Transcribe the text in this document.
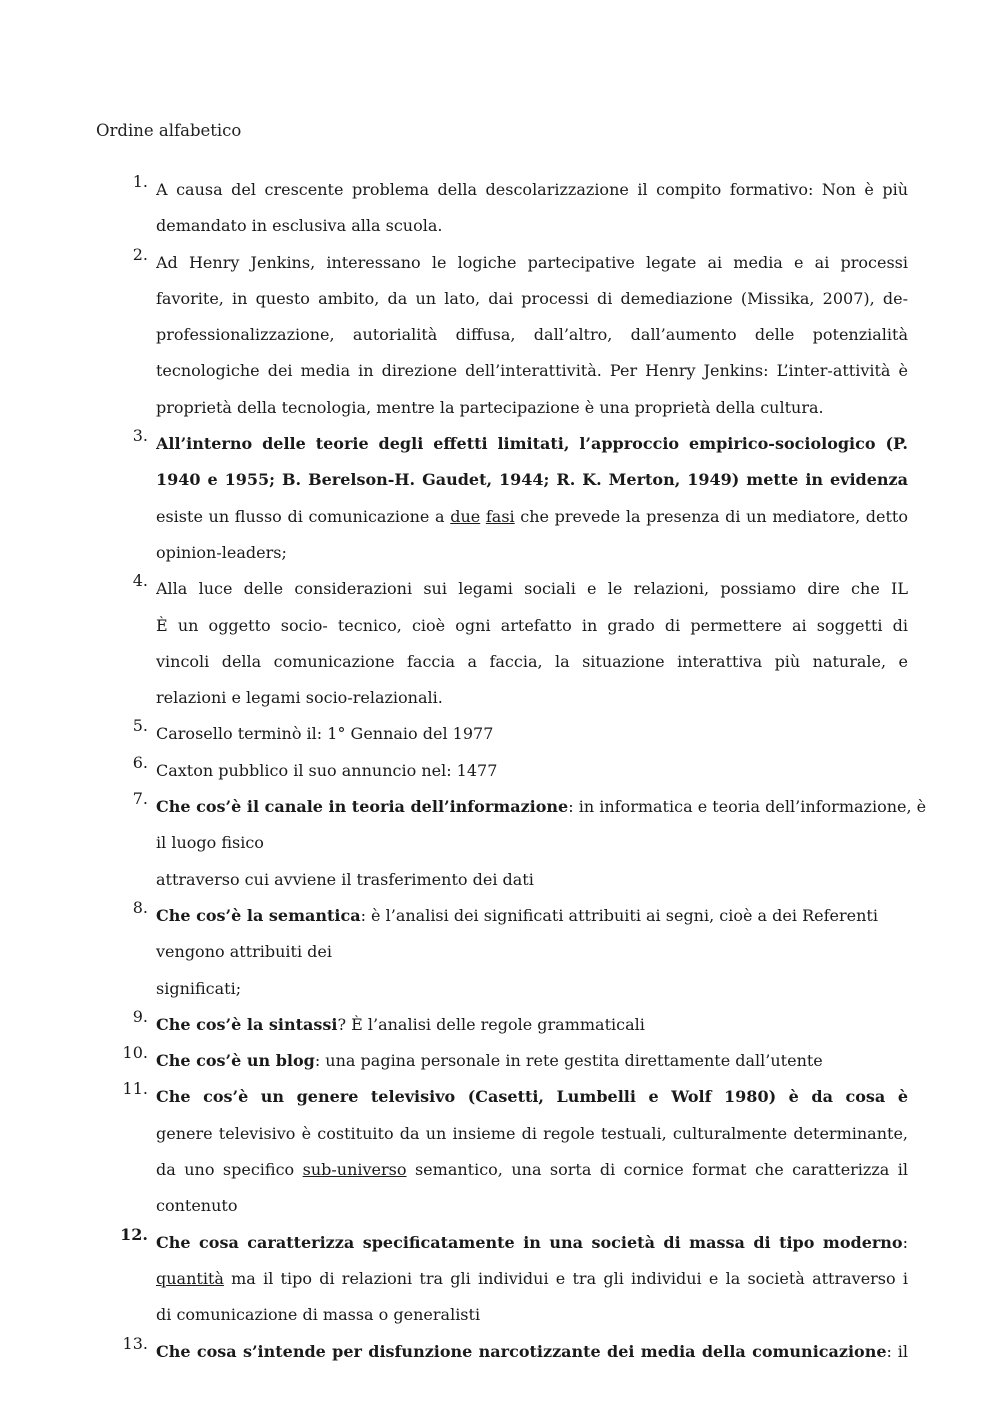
Ordine alfabetico
1. A causa del crescente problema della descolarizzazione il compito formativo: Non è più
demandato in esclusiva alla scuola.
2. Ad Henry Jenkins, interessano le logiche partecipative legate ai media e ai processi
favorite, in questo ambito, da un lato, dai processi di demediazione (Missika, 2007), de-
professionalizzazione, autorialità diffusa, dall’altro, dall’aumento delle potenzialità
tecnologiche dei media in direzione dell’interattività. Per Henry Jenkins: L’inter-attività è
proprietà della tecnologia, mentre la partecipazione è una proprietà della cultura.
3. All’interno delle teorie degli effetti limitati, l’approccio empirico-sociologico (P.
1940 e 1955; B. Berelson-H. Gaudet, 1944; R. K. Merton, 1949) mette in evidenza
esiste un flusso di comunicazione a due fasi che prevede la presenza di un mediatore, detto
opinion-leaders;
4. Alla luce delle considerazioni sui legami sociali e le relazioni, possiamo dire che IL
È un oggetto socio- tecnico, cioè ogni artefatto in grado di permettere ai soggetti di
vincoli della comunicazione faccia a faccia, la situazione interattiva più naturale, e
relazioni e legami socio-relazionali.
5. Carosello terminò il: 1° Gennaio del 1977
6. Caxton pubblico il suo annuncio nel: 1477
7. Che cos’è il canale in teoria dell’informazione: in informatica e teoria dell’informazione, è
il luogo fisico
attraverso cui avviene il trasferimento dei dati
8. Che cos’è la semantica: è l’analisi dei significati attribuiti ai segni, cioè a dei Referenti
vengono attribuiti dei
significati;
9. Che cos’è la sintassi? È l’analisi delle regole grammaticali
10. Che cos’è un blog: una pagina personale in rete gestita direttamente dall’utente
11. Che cos’è un genere televisivo (Casetti, Lumbelli e Wolf 1980) è da cosa è
genere televisivo è costituito da un insieme di regole testuali, culturalmente determinante,
da uno specifico sub-universo semantico, una sorta di cornice format che caratterizza il
contenuto
12. Che cosa caratterizza specificatamente in una società di massa di tipo moderno:
quantità ma il tipo di relazioni tra gli individui e tra gli individui e la società attraverso i
di comunicazione di massa o generalisti
13. Che cosa s’intende per disfunzione narcotizzante dei media della comunicazione: il
